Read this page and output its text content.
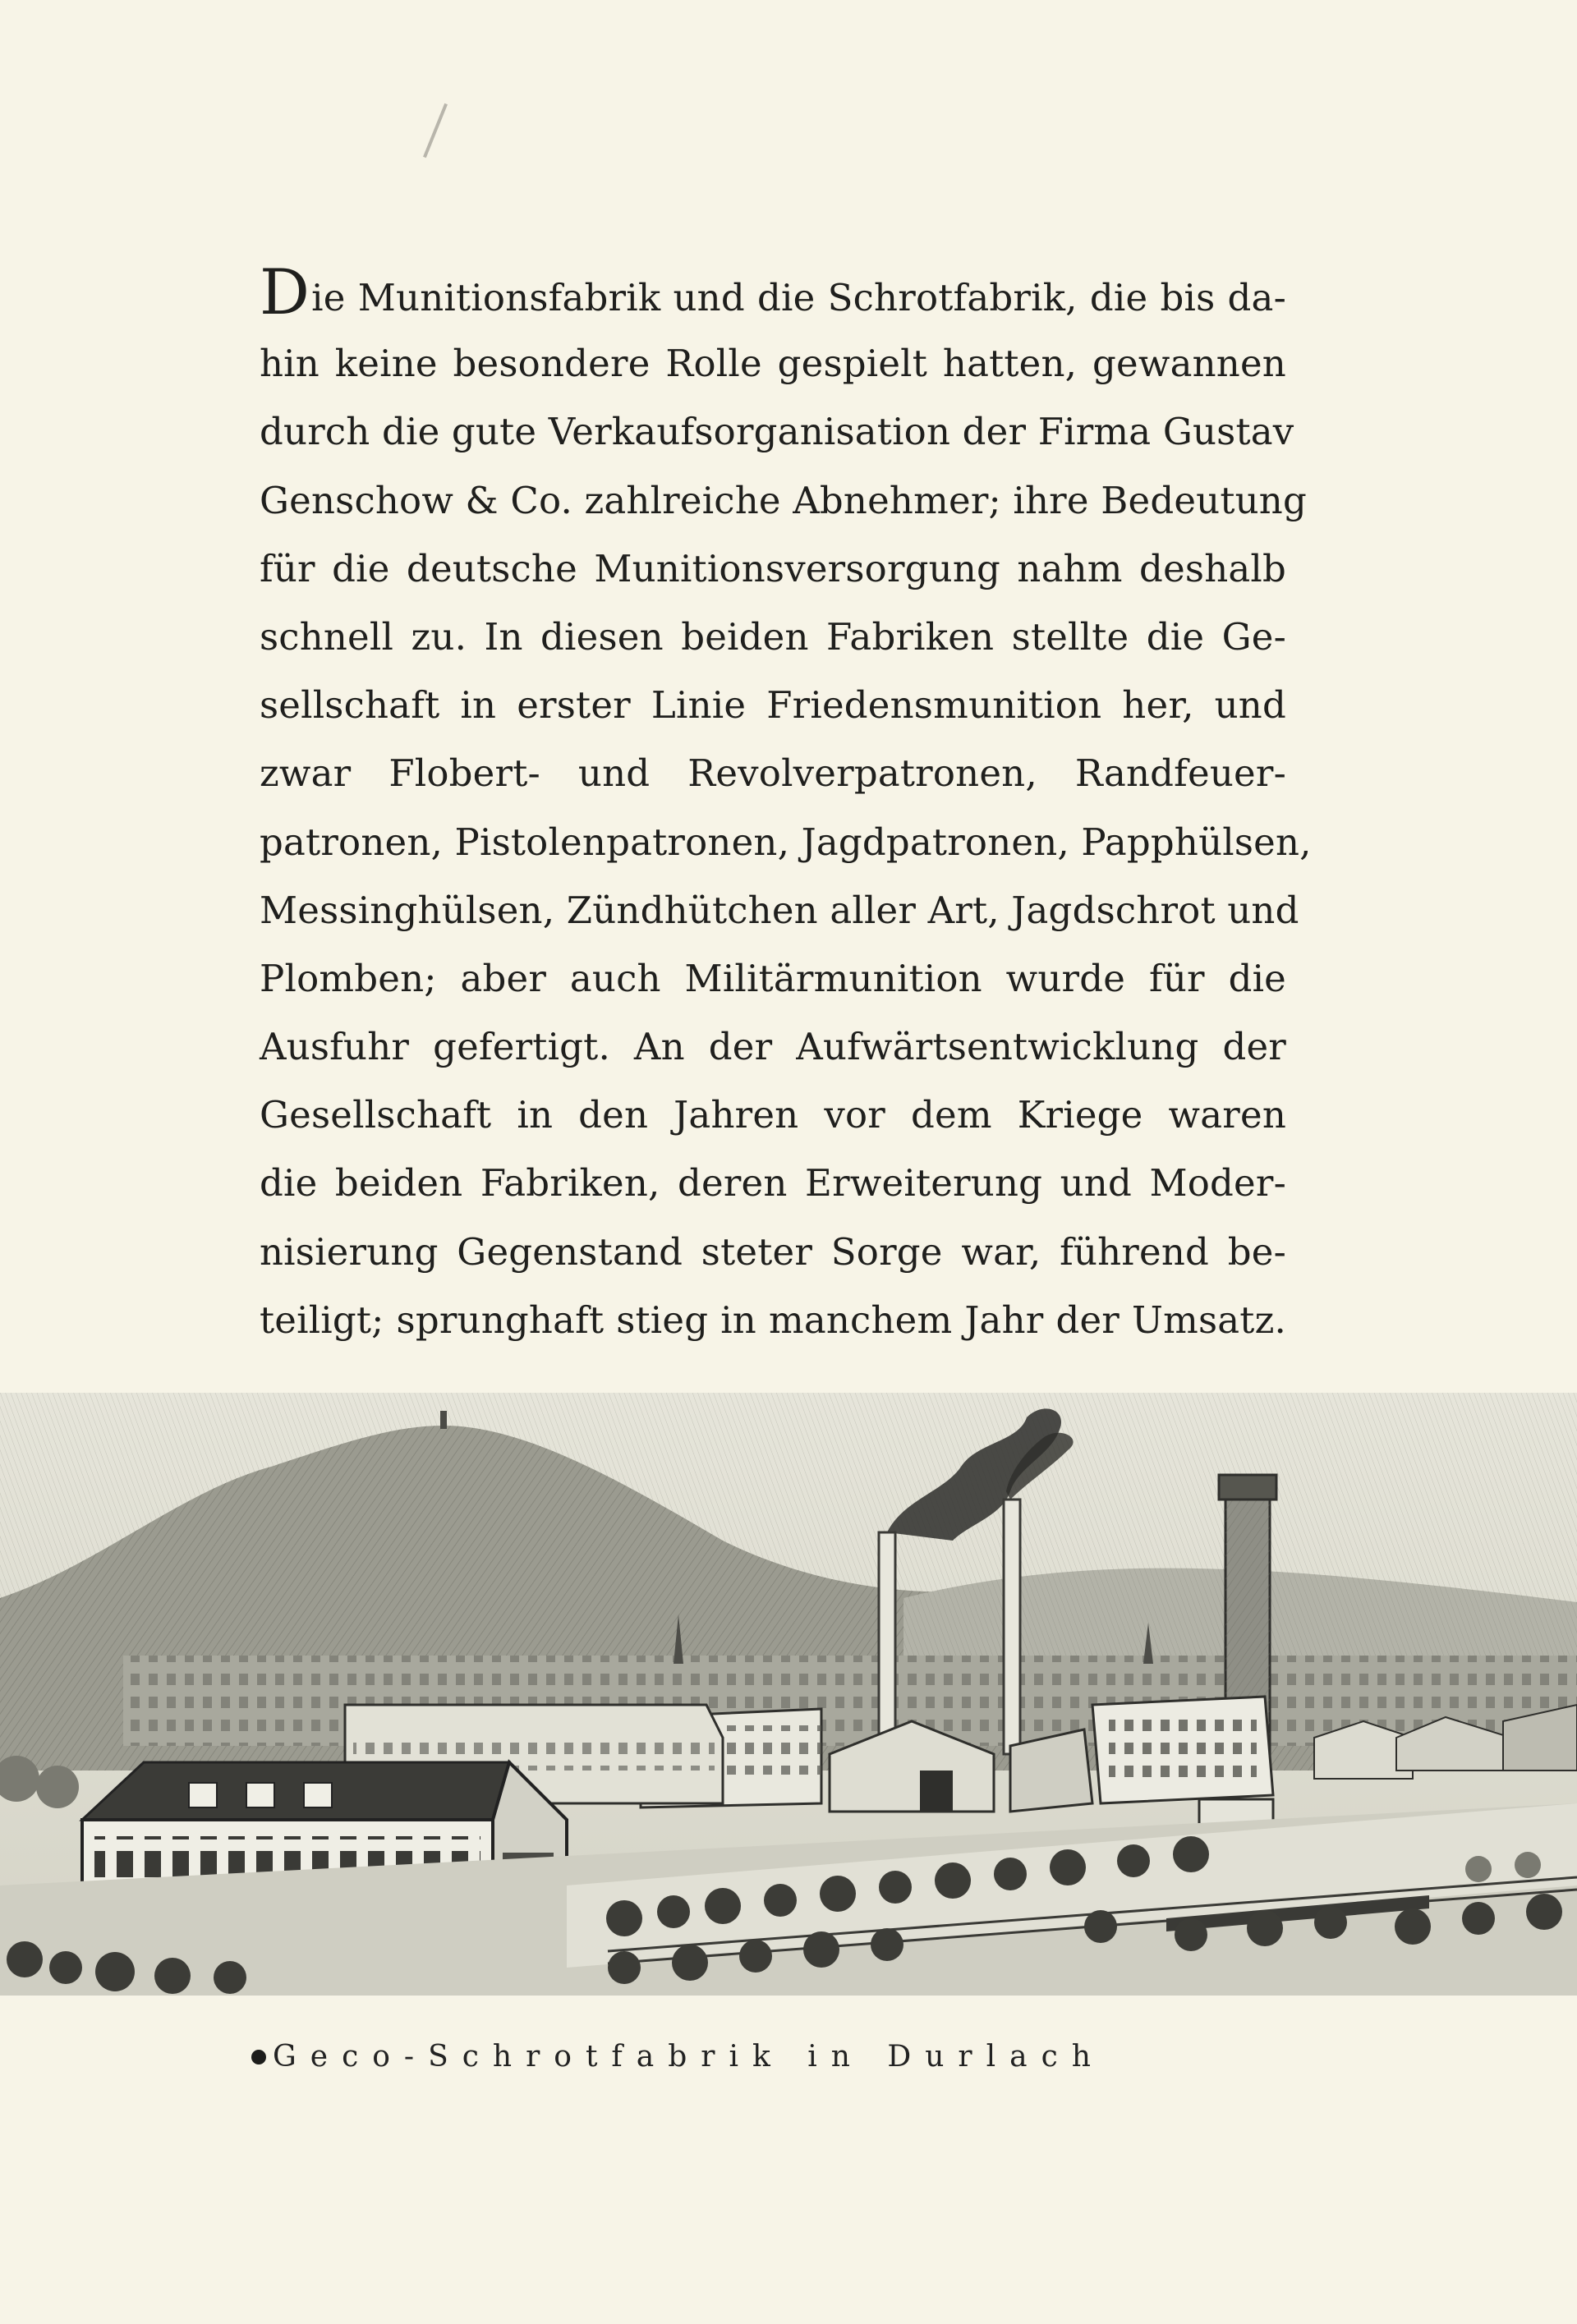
Die Munitionsfabrik und die Schrotfabrik, die bis da-
hin keine besondere Rolle gespielt hatten, gewannen
durch die gute Verkaufsorganisation der Firma Gustav
Genschow & Co. zahlreiche Abnehmer; ihre Bedeutung
für die deutsche Munitionsversorgung nahm deshalb
schnell zu. In diesen beiden Fabriken stellte die Ge-
sellschaft in erster Linie Friedensmunition her, und
zwar Flobert- und Revolverpatronen, Randfeuer-
patronen, Pistolenpatronen, Jagdpatronen, Papphülsen,
Messinghülsen, Zündhütchen aller Art, Jagdschrot und
Plomben; aber auch Militärmunition wurde für die
Ausfuhr gefertigt. An der Aufwärtsentwicklung der
Gesellschaft in den Jahren vor dem Kriege waren
die beiden Fabriken, deren Erweiterung und Moder-
nisierung Gegenstand steter Sorge war, führend be-
teiligt; sprunghaft stieg in manchem Jahr der Umsatz.
Geco-Schrotfabrik in Durlach
